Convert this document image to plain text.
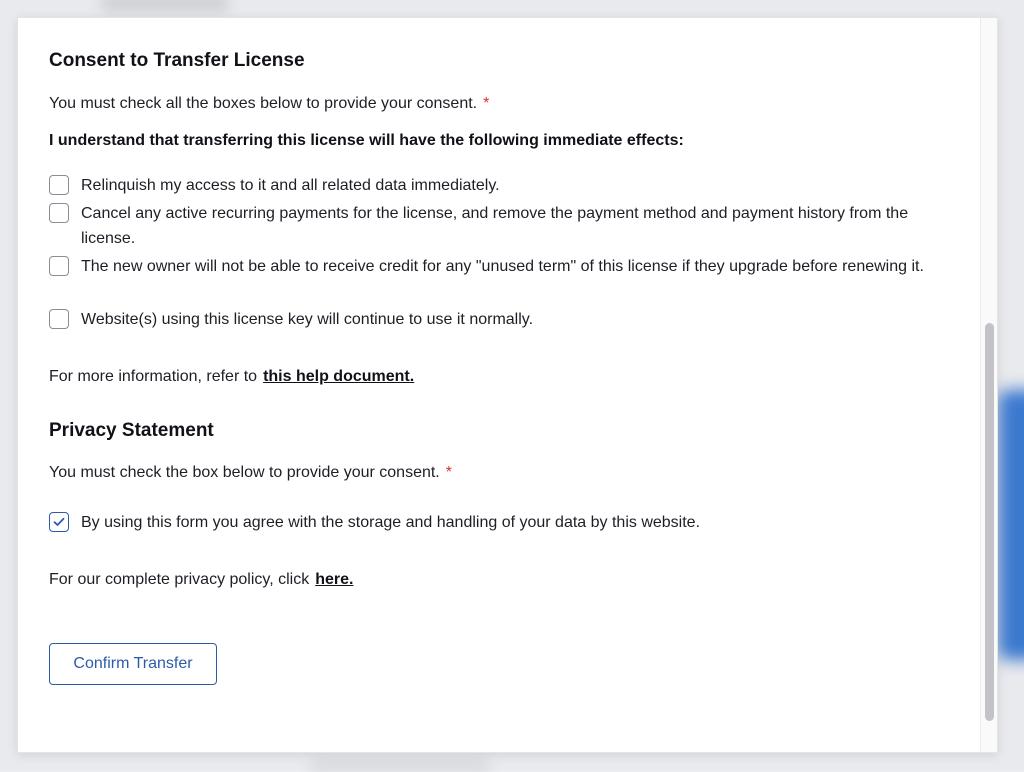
Consent to Transfer License

You must check all the boxes below to provide your consent. *

I understand that transferring this license will have the following immediate effects:

Relinquish my access to it and all related data immediately.
Cancel any active recurring payments for the license, and remove the payment method and payment history from the license.
The new owner will not be able to receive credit for any "unused term" of this license if they upgrade before renewing it.
Website(s) using this license key will continue to use it normally.

For more information, refer to this help document.

Privacy Statement

You must check the box below to provide your consent. *

By using this form you agree with the storage and handling of your data by this website.

For our complete privacy policy, click here.

Confirm Transfer
